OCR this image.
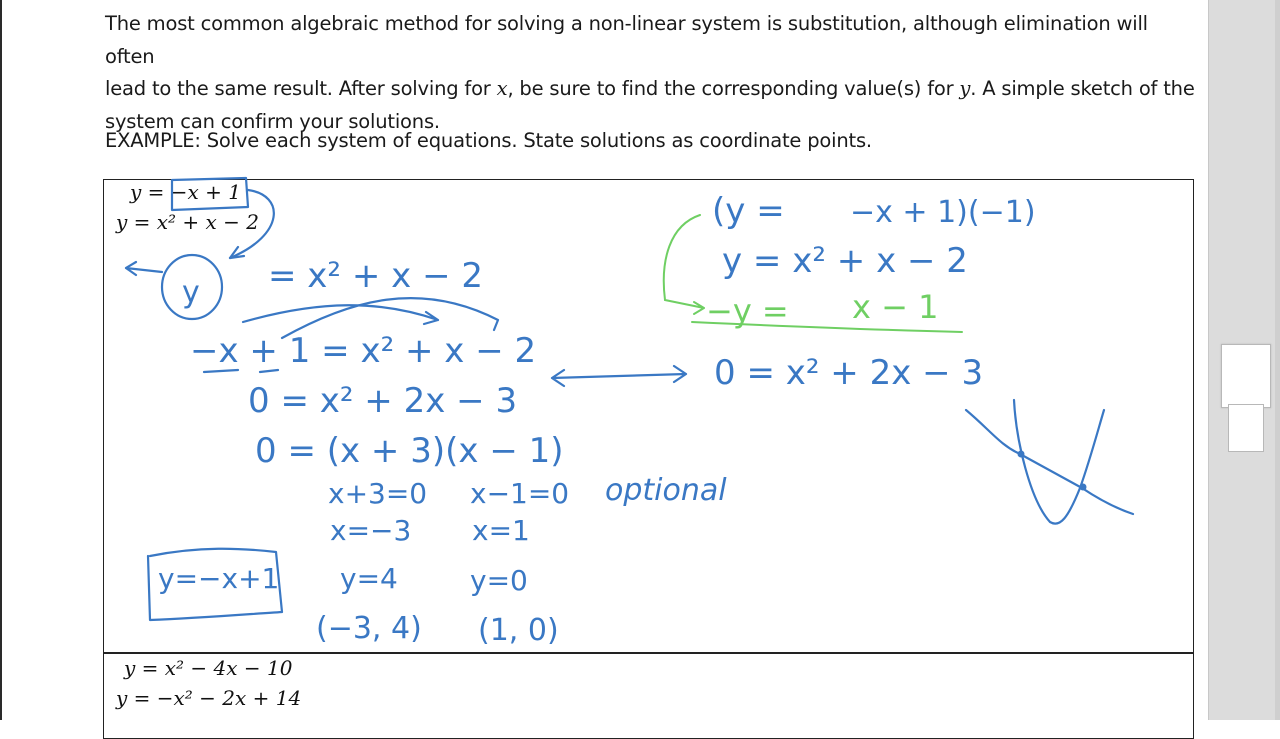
The most common algebraic method for solving a non-linear system is substitution, although elimination will often
lead to the same result. After solving for x, be sure to find the corresponding value(s) for y. A simple sketch of the
system can confirm your solutions.
EXAMPLE: Solve each system of equations. State solutions as coordinate points.
y = −x + 1
y = x² + x − 2
y = x² − 4x − 10
y = −x² − 2x + 14
y = x² + x − 2
−x + 1 = x² + x − 2
0 = x² + 2x − 3
0 = (x + 3)(x − 1)
x+3=0 x−1=0 optional
x=−3 x=1
y=−x+1 y=4	y=0
(−3, 4) (1, 0)
(y = −x + 1)(−1)
y = x² + x − 2
0 = x² + 2x − 3
−y = x − 1
